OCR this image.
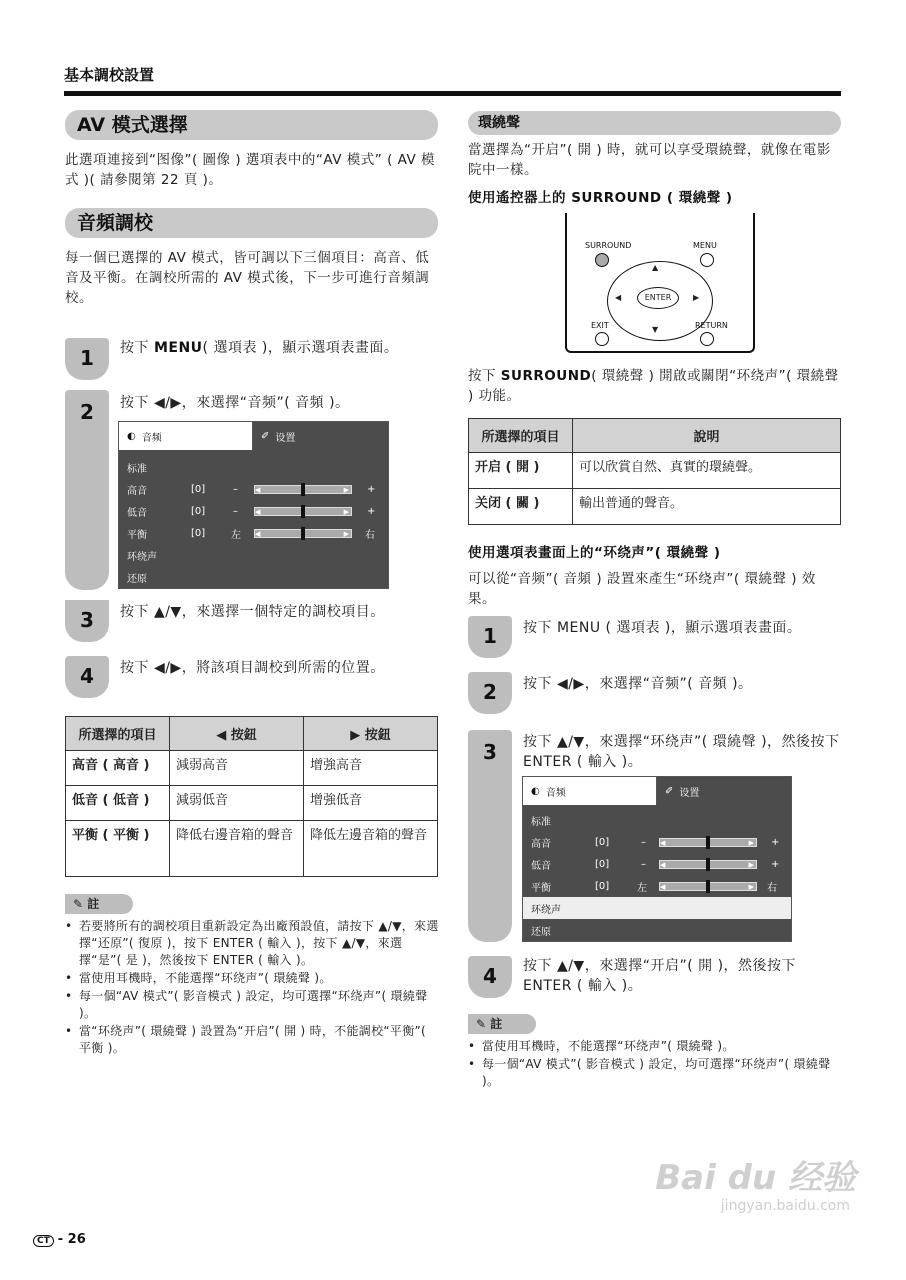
基本調校設置
AV 模式選擇
此選項連接到“图像”( 圖像 ) 選項表中的“AV 模式” ( AV 模式 )( 請參閱第 22 頁 )。
音頻調校
每一個已選擇的 AV 模式，皆可調以下三個項目：高音、低音及平衡。在調校所需的 AV 模式後，下一步可進行音頻調校。
1	按下 MENU( 選項表 )，顯示選項表畫面。
2	按下 ◀/▶，來選擇“音频”( 音頻 )。
◐ 音频	✐ 设置
标准
高音	[0]	– ◀	▶ +
低音	[0]	– ◀	▶ +
平衡	[0]	左 ◀	▶ 右
环绕声
还原
3	按下 ▲/▼，來選擇一個特定的調校項目。
4	按下 ◀/▶，將該項目調校到所需的位置。
所選擇的項目	◀ 按鈕	▶ 按鈕
高音 ( 高音 )	減弱高音	增強高音
低音 ( 低音 )	減弱低音	增強低音
平衡 ( 平衡 )	降低右邊音箱的聲音	降低左邊音箱的聲音
✎ 註
• 若要將所有的調校項目重新設定為出廠預設值，請按下 ▲/▼，來選擇“还原”( 復原 )，按下 ENTER ( 輸入 )，按下 ▲/▼，來選擇“是”( 是 )，然後按下 ENTER ( 輸入 )。
• 當使用耳機時，不能選擇“环绕声”( 環繞聲 )。
• 每一個“AV 模式”( 影音模式 ) 設定，均可選擇“环绕声”( 環繞聲 )。
• 當“环绕声”( 環繞聲 ) 設置為“开启”( 開 ) 時，不能調校“平衡”( 平衡 )。
環繞聲
當選擇為“开启”( 開 ) 時，就可以享受環繞聲，就像在電影院中一樣。
使用遙控器上的 SURROUND ( 環繞聲 )
SURROUND	MENU
ENTER
▲
▼
◀	▶
EXIT	RETURN
按下 SURROUND( 環繞聲 ) 開啟或關閉“环绕声”( 環繞聲 ) 功能。
所選擇的項目	說明
开启 ( 開 )	可以欣賞自然、真實的環繞聲。
关闭 ( 關 )	輸出普通的聲音。
使用選項表畫面上的“环绕声”( 環繞聲 )
可以從“音频”( 音頻 ) 設置來產生“环绕声”( 環繞聲 ) 效果。
1	按下 MENU ( 選項表 )，顯示選項表畫面。
2	按下 ◀/▶，來選擇“音频”( 音頻 )。
3	按下 ▲/▼，來選擇“环绕声”( 環繞聲 )，然後按下 ENTER ( 輸入 )。
◐ 音频	✐ 设置
标准
高音	[0]	– ◀	▶ +
低音	[0]	– ◀	▶ +
平衡	[0]	左 ◀	▶ 右
环绕声
还原
4	按下 ▲/▼，來選擇“开启”( 開 )，然後按下 ENTER ( 輸入 )。
✎ 註
• 當使用耳機時，不能選擇“环绕声”( 環繞聲 )。
• 每一個“AV 模式”( 影音模式 ) 設定，均可選擇“环绕声”( 環繞聲 )。
Bai du 经验
jingyan.baidu.com
CT - 26
